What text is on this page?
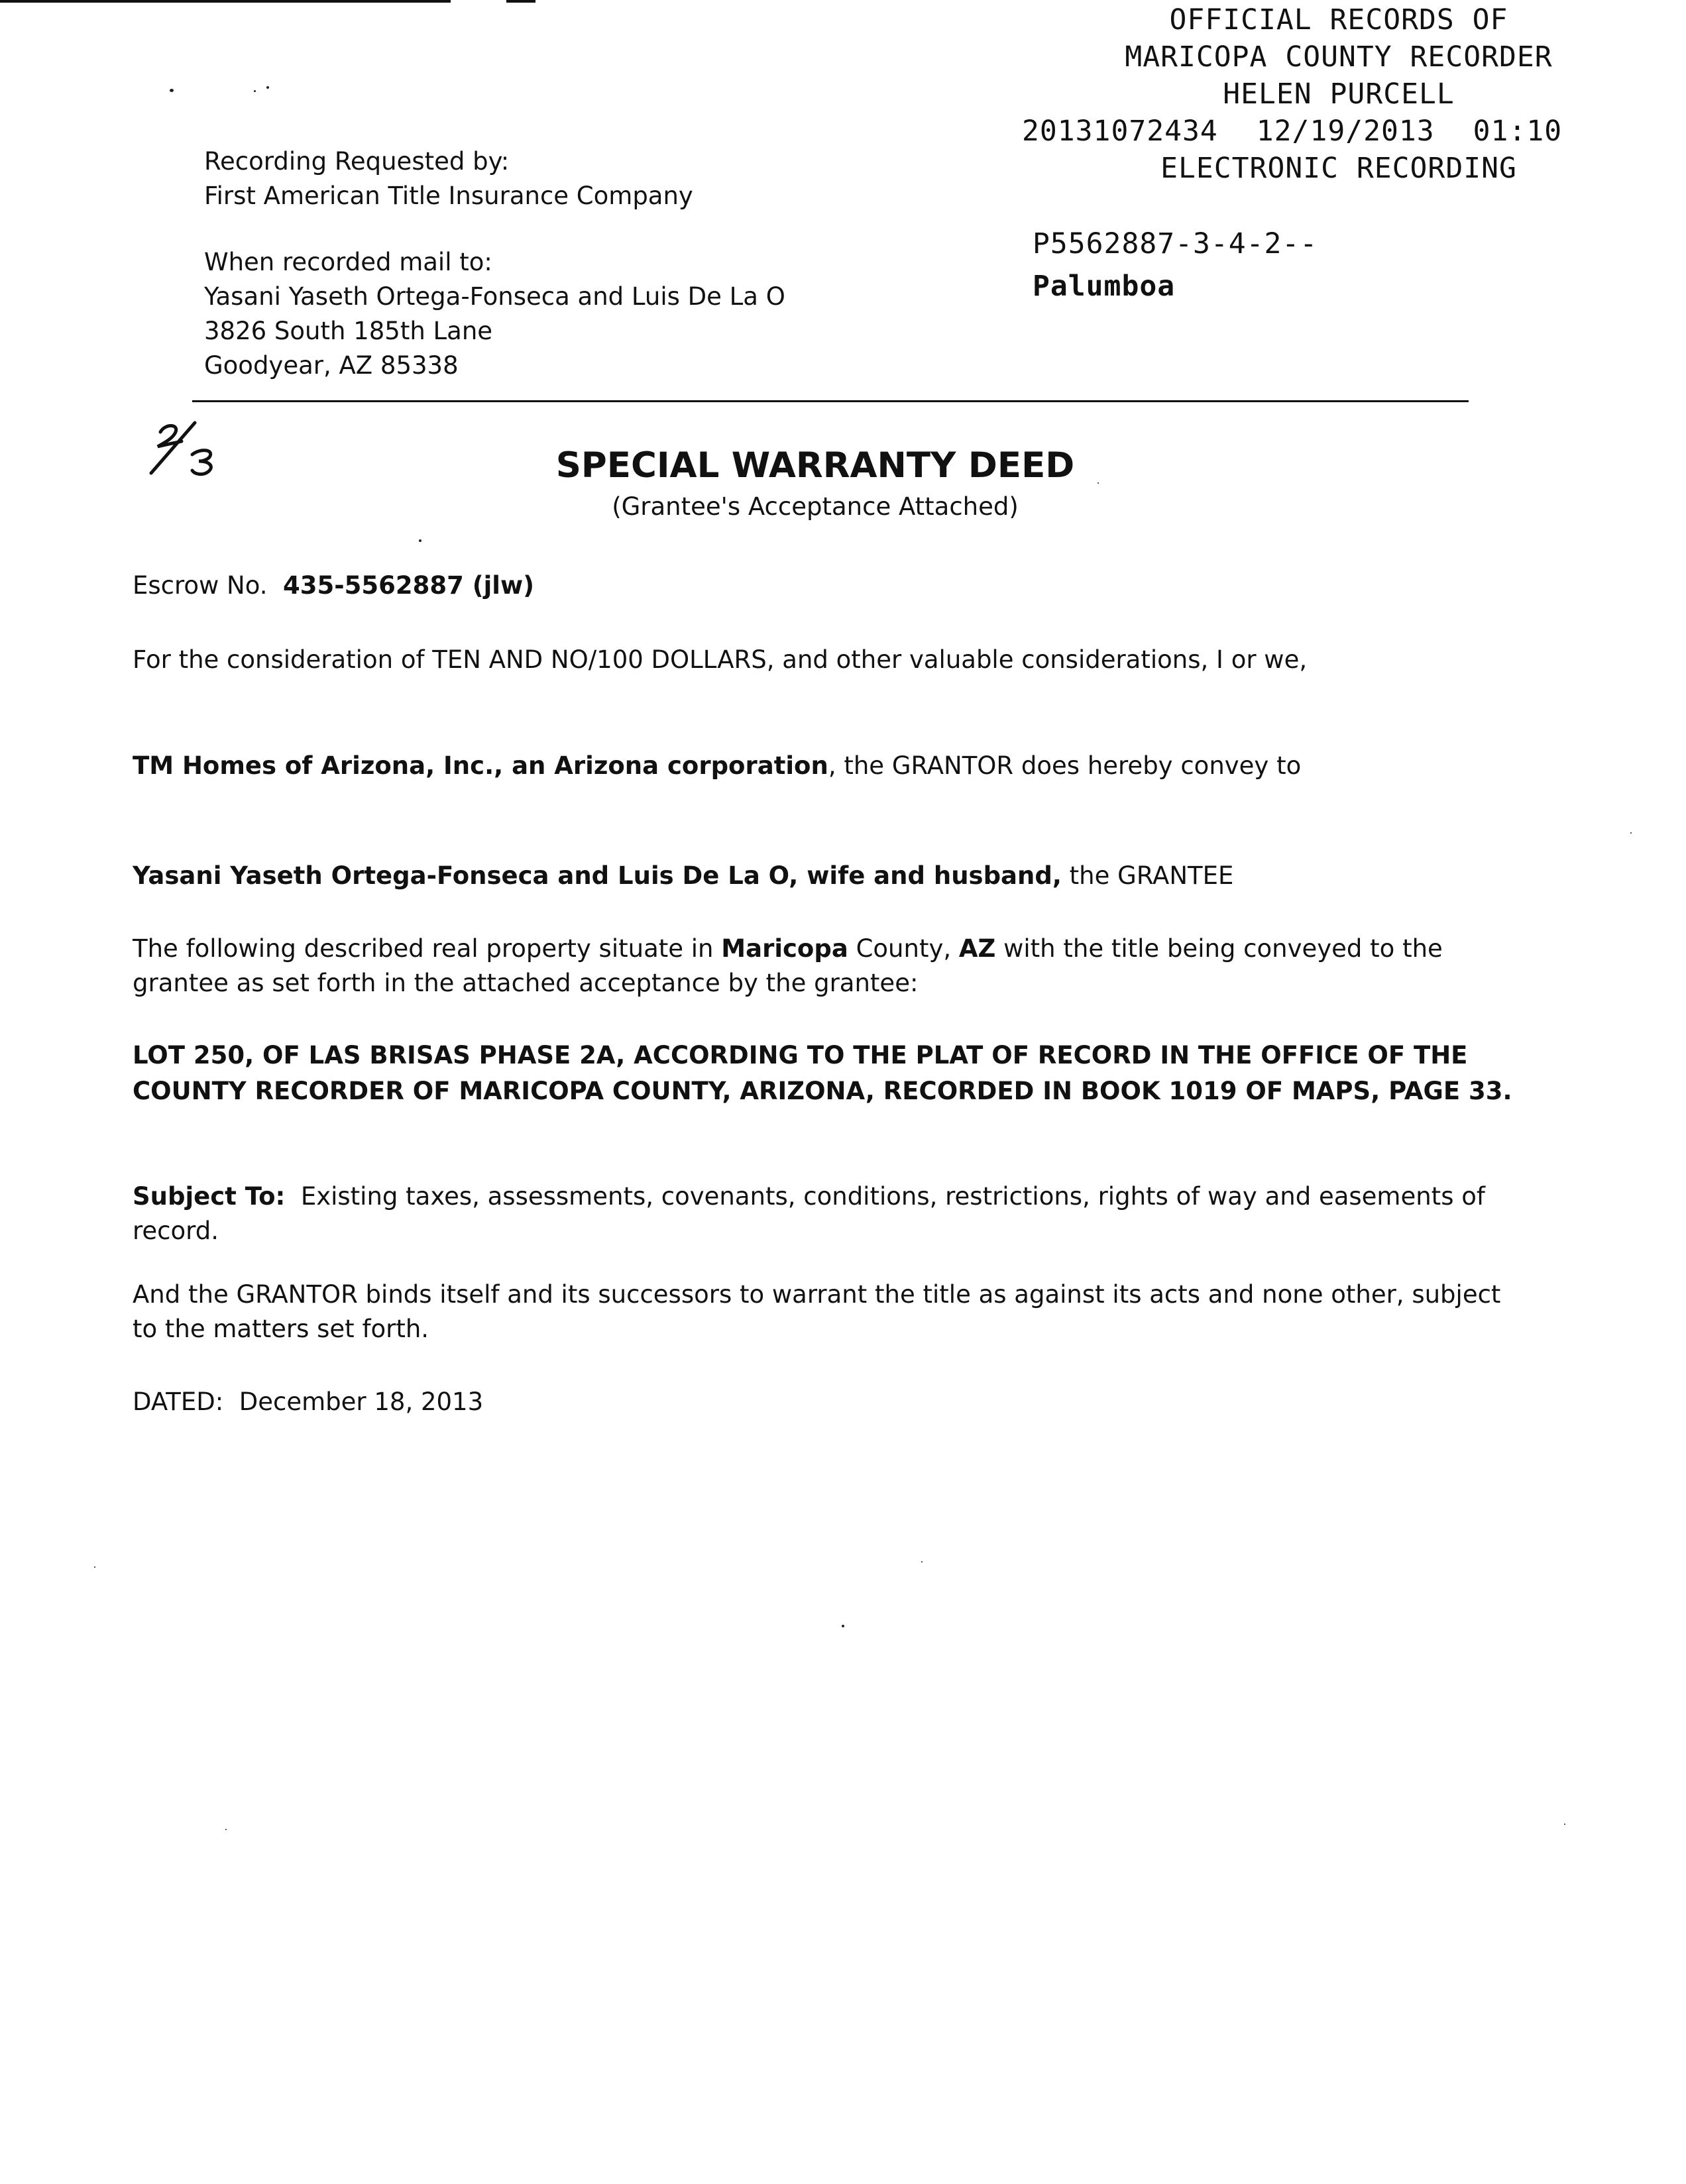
OFFICIAL RECORDS OF
MARICOPA COUNTY RECORDER
HELEN PURCELL
20131072434 12/19/2013 01:10
ELECTRONIC RECORDING
P5562887-3-4-2--
Palumboa
Recording Requested by:
First American Title Insurance Company
When recorded mail to:
Yasani Yaseth Ortega-Fonseca and Luis De La O
3826 South 185th Lane
Goodyear, AZ 85338
SPECIAL WARRANTY DEED
(Grantee's Acceptance Attached)
Escrow No. 435-5562887 (jlw)
For the consideration of TEN AND NO/100 DOLLARS, and other valuable considerations, I or we,
TM Homes of Arizona, Inc., an Arizona corporation, the GRANTOR does hereby convey to
Yasani Yaseth Ortega-Fonseca and Luis De La O, wife and husband, the GRANTEE
The following described real property situate in Maricopa County, AZ with the title being conveyed to the grantee as set forth in the attached acceptance by the grantee:
LOT 250, OF LAS BRISAS PHASE 2A, ACCORDING TO THE PLAT OF RECORD IN THE OFFICE OF THE COUNTY RECORDER OF MARICOPA COUNTY, ARIZONA, RECORDED IN BOOK 1019 OF MAPS, PAGE 33.
Subject To:  Existing taxes, assessments, covenants, conditions, restrictions, rights of way and easements of record.
And the GRANTOR binds itself and its successors to warrant the title as against its acts and none other, subject to the matters set forth.
DATED:  December 18, 2013
